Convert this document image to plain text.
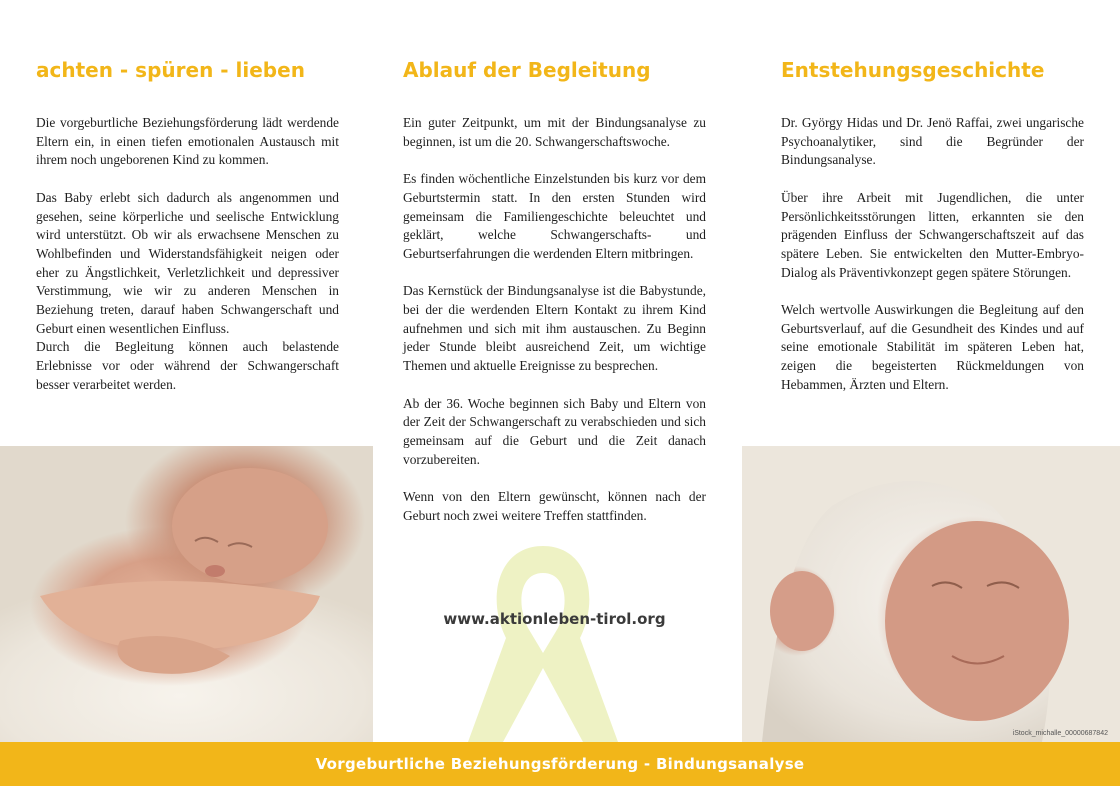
achten - spüren - lieben

Die vorgeburtliche Beziehungsförderung lädt werdende Eltern ein, in einen tiefen emotionalen Austausch mit ihrem noch ungeborenen Kind zu kommen.

Das Baby erlebt sich dadurch als angenommen und gesehen, seine körperliche und seelische Entwicklung wird unterstützt. Ob wir als erwachsene Menschen zu Wohlbefinden und Widerstandsfähigkeit neigen oder eher zu Ängstlichkeit, Verletzlichkeit und depressiver Verstimmung, wie wir zu anderen Menschen in Beziehung treten, darauf haben Schwangerschaft und Geburt einen wesentlichen Einfluss.

Durch die Begleitung können auch belastende Erlebnisse vor oder während der Schwangerschaft besser verarbeitet werden.

Ablauf der Begleitung

Ein guter Zeitpunkt, um mit der Bindungsanalyse zu beginnen, ist um die 20. Schwangerschaftswoche.

Es finden wöchentliche Einzelstunden bis kurz vor dem Geburtstermin statt. In den ersten Stunden wird gemeinsam die Familiengeschichte beleuchtet und geklärt, welche Schwangerschafts- und Geburtserfahrungen die werdenden Eltern mitbringen.

Das Kernstück der Bindungsanalyse ist die Babystunde, bei der die werdenden Eltern Kontakt zu ihrem Kind aufnehmen und sich mit ihm austauschen. Zu Beginn jeder Stunde bleibt ausreichend Zeit, um wichtige Themen und aktuelle Ereignisse zu besprechen.

Ab der 36. Woche beginnen sich Baby und Eltern von der Zeit der Schwangerschaft zu verabschieden und sich gemeinsam auf die Geburt und die Zeit danach vorzubereiten.

Wenn von den Eltern gewünscht, können nach der Geburt noch zwei weitere Treffen stattfinden.

www.aktionleben-tirol.org

Entstehungsgeschichte

Dr. György Hidas und Dr. Jenö Raffai, zwei ungarische Psychoanalytiker, sind die Begründer der Bindungsanalyse.

Über ihre Arbeit mit Jugendlichen, die unter Persönlichkeitsstörungen litten, erkannten sie den prägenden Einfluss der Schwangerschaftszeit auf das spätere Leben. Sie entwickelten den Mutter-Embryo-Dialog als Präventivkonzept gegen spätere Störungen.

Welch wertvolle Auswirkungen die Begleitung auf den Geburtsverlauf, auf die Gesundheit des Kindes und auf seine emotionale Stabilität im späteren Leben hat, zeigen die begeisterten Rückmeldungen von Hebammen, Ärzten und Eltern.

iStock_michalle_00000687842
Vorgeburtliche Beziehungsförderung - Bindungsanalyse
